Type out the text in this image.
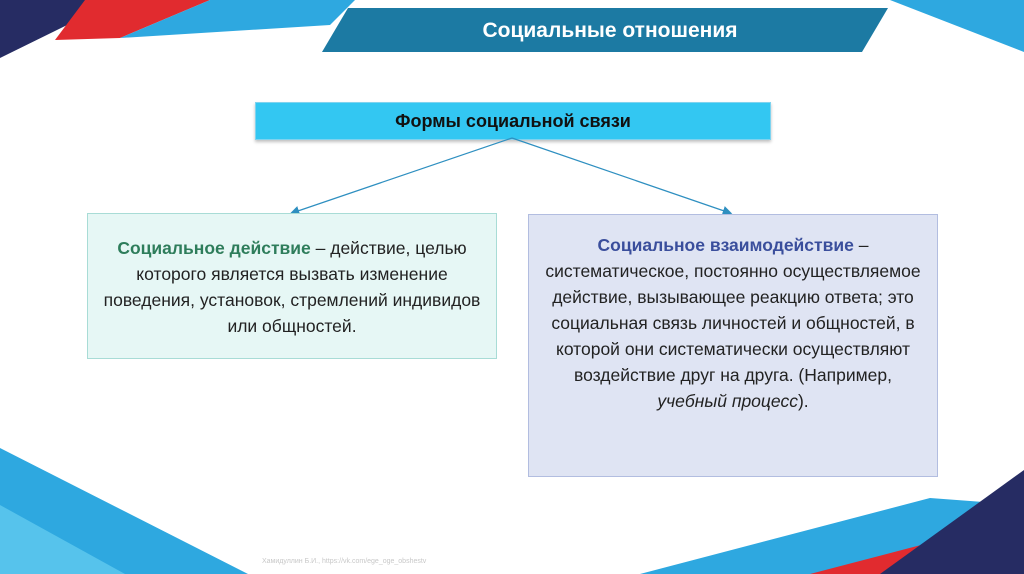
Социальные отношения
Формы социальной связи
Социальное действие – действие, целью которого является вызвать изменение поведения, установок, стремлений индивидов или общностей.
Социальное взаимодействие – систематическое, постоянно осуществляемое действие, вызывающее реакцию ответа; это социальная связь личностей и общностей, в которой они систематически осуществляют воздействие друг на друга. (Например, учебный процесс).
Хамидуллин Б.И., https://vk.com/ege_oge_obshestv
